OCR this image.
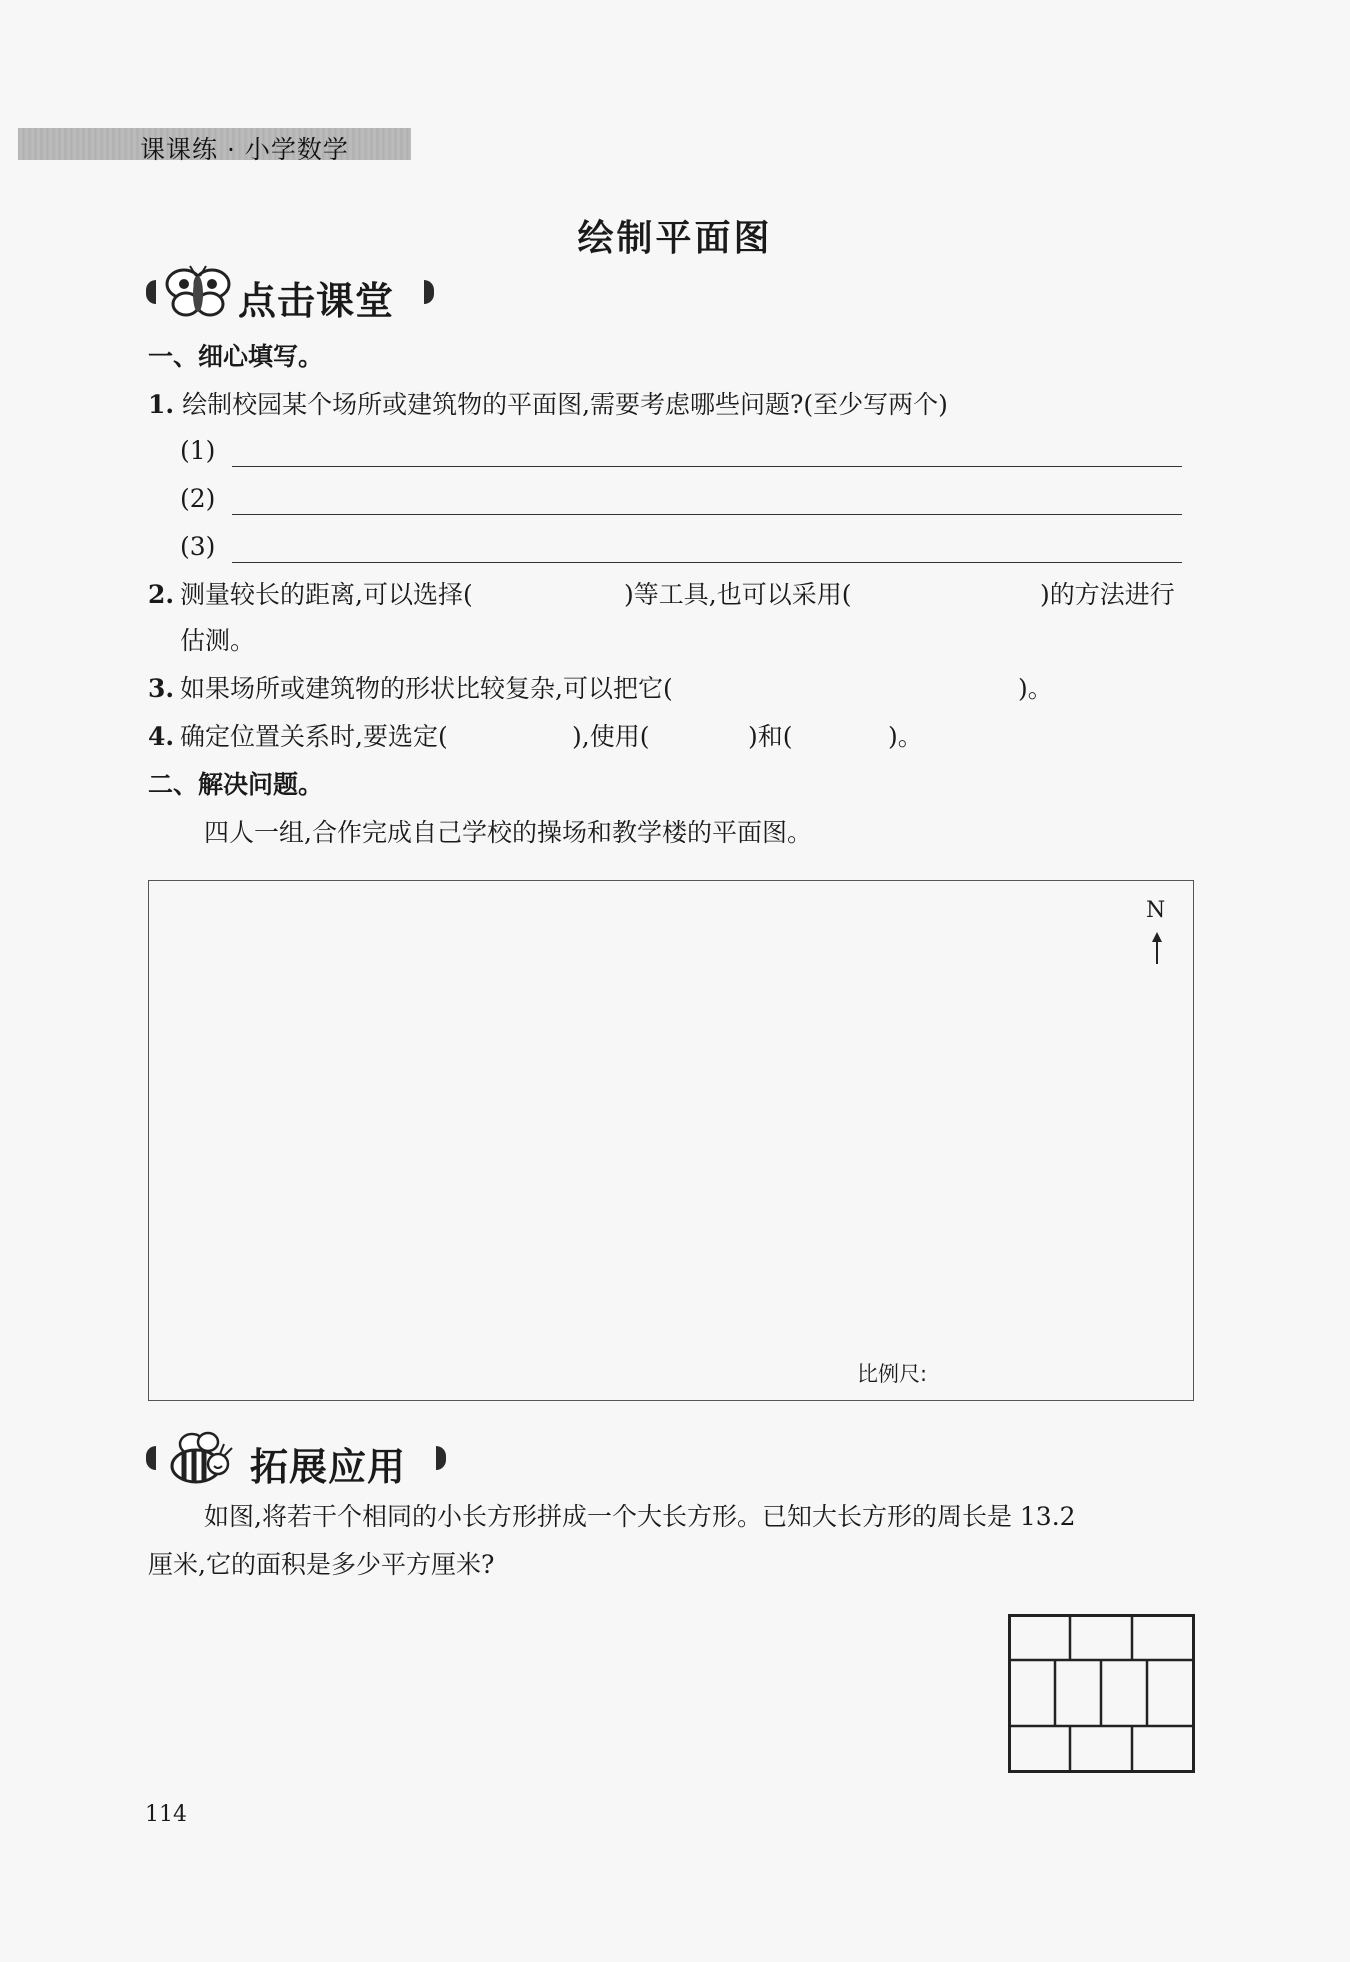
课课练 · 小学数学
绘制平面图
点击课堂
一、细心填写。
1. 绘制校园某个场所或建筑物的平面图,需要考虑哪些问题?(至少写两个)
(1)
(2)
(3)
2. 测量较长的距离,可以选择(	)等工具,也可以采用(	)的方法进行
估测。
3. 如果场所或建筑物的形状比较复杂,可以把它(	)。
4. 确定位置关系时,要选定(	),使用(	)和(	)。
二、解决问题。
四人一组,合作完成自己学校的操场和教学楼的平面图。
N
比例尺:
拓展应用
如图,将若干个相同的小长方形拼成一个大长方形。已知大长方形的周长是 13.2
厘米,它的面积是多少平方厘米?
114
